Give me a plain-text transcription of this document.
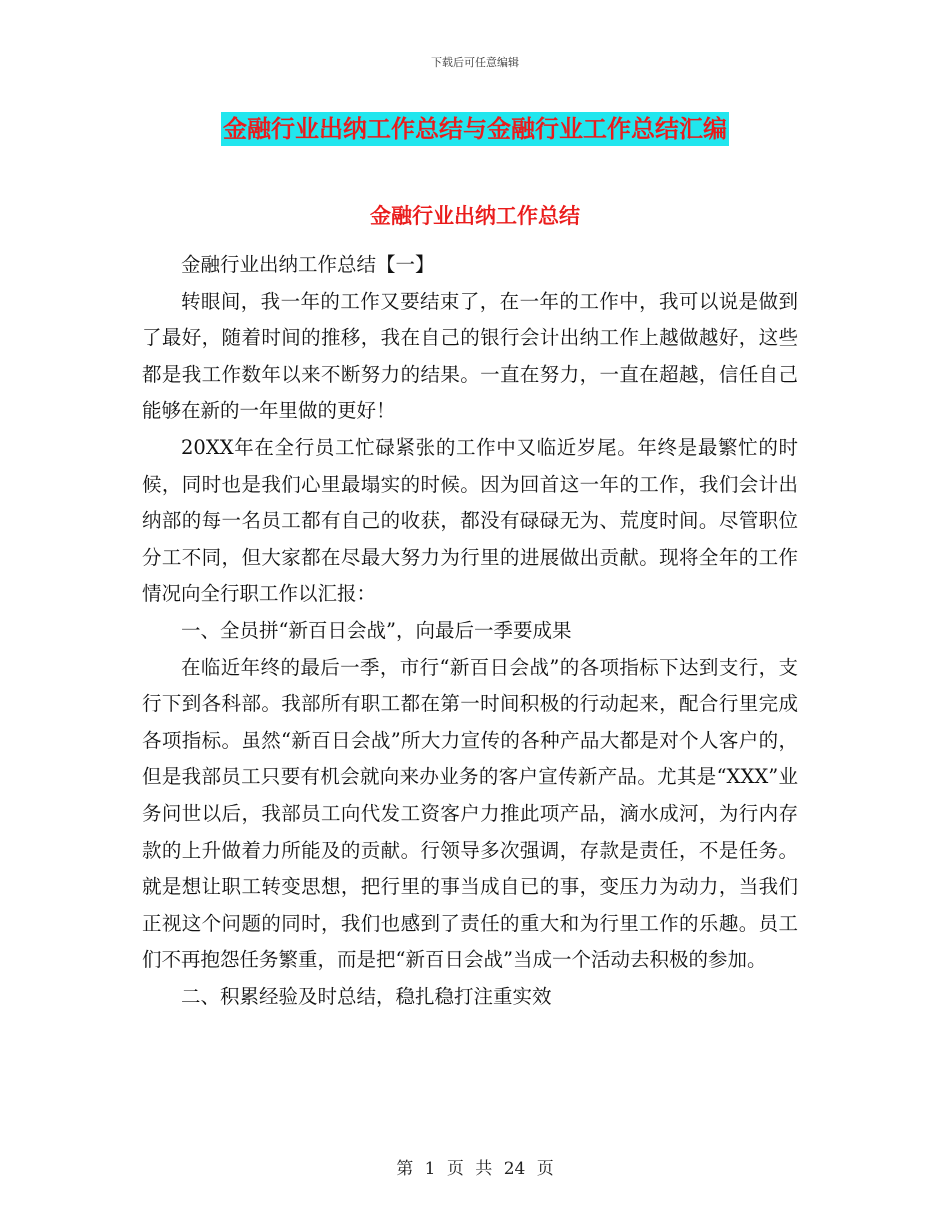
下载后可任意编辑
金融行业出纳工作总结与金融行业工作总结汇编
金融行业出纳工作总结

金融行业出纳工作总结【一】

转眼间，我一年的工作又要结束了，在一年的工作中，我可以说是做到了最好，随着时间的推移，我在自己的银行会计出纳工作上越做越好，这些都是我工作数年以来不断努力的结果。一直在努力，一直在超越，信任自己能够在新的一年里做的更好！

20XX年在全行员工忙碌紧张的工作中又临近岁尾。年终是最繁忙的时候，同时也是我们心里最塌实的时候。因为回首这一年的工作，我们会计出纳部的每一名员工都有自己的收获，都没有碌碌无为、荒度时间。尽管职位分工不同，但大家都在尽最大努力为行里的进展做出贡献。现将全年的工作情况向全行职工作以汇报：

一、全员拼“新百日会战”，向最后一季要成果

在临近年终的最后一季，市行“新百日会战”的各项指标下达到支行，支行下到各科部。我部所有职工都在第一时间积极的行动起来，配合行里完成各项指标。虽然“新百日会战”所大力宣传的各种产品大都是对个人客户的，但是我部员工只要有机会就向来办业务的客户宣传新产品。尤其是“XXX”业务问世以后，我部员工向代发工资客户力推此项产品，滴水成河，为行内存款的上升做着力所能及的贡献。行领导多次强调，存款是责任，不是任务。就是想让职工转变思想，把行里的事当成自已的事，变压力为动力，当我们正视这个问题的同时，我们也感到了责任的重大和为行里工作的乐趣。员工们不再抱怨任务繁重，而是把“新百日会战”当成一个活动去积极的参加。

二、积累经验及时总结，稳扎稳打注重实效

第 1 页 共 24 页
